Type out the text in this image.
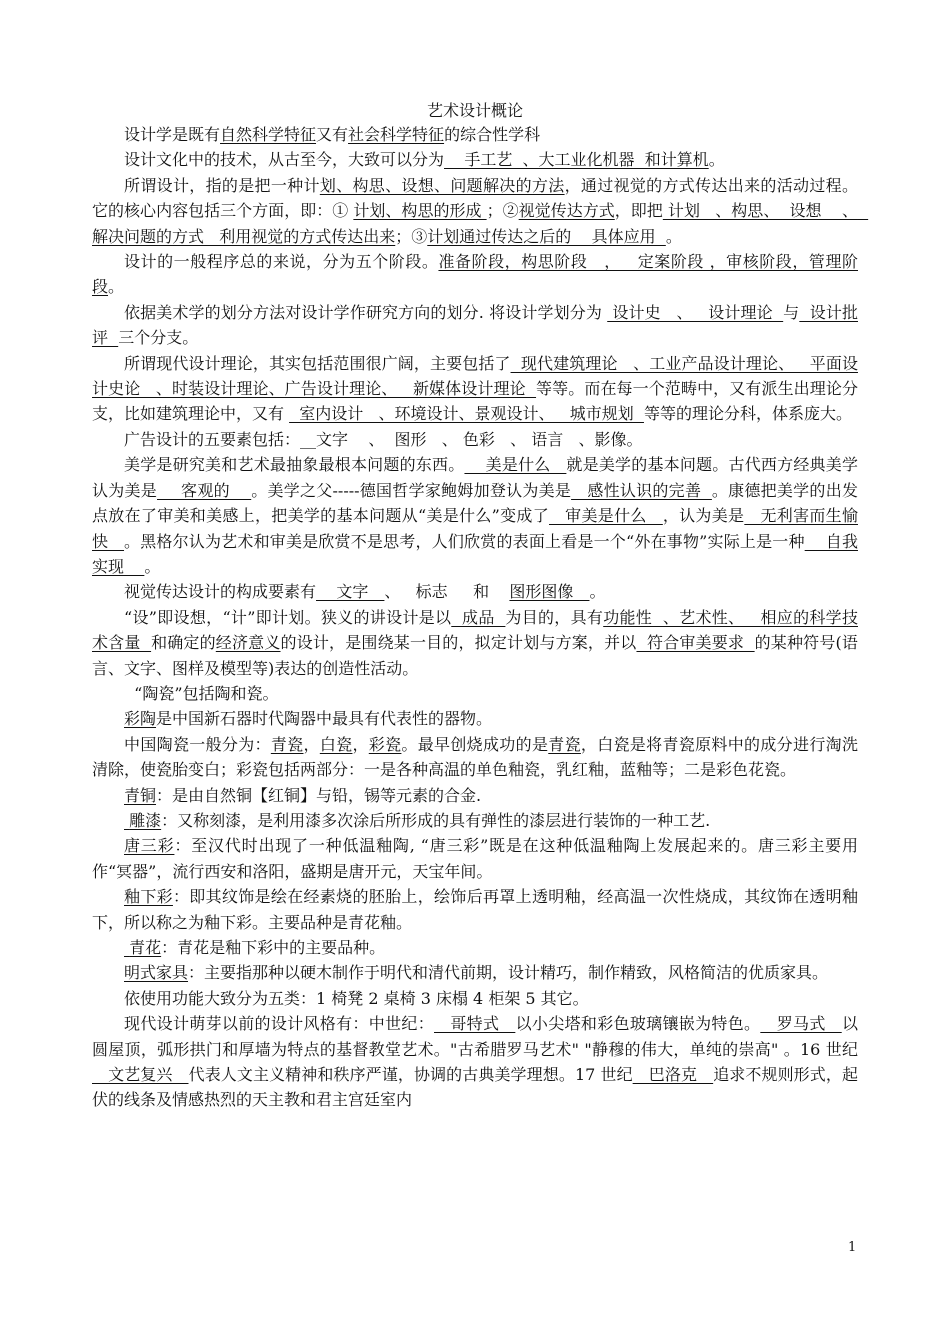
艺术设计概论

设计学是既有自然科学特征又有社会科学特征的综合性学科

设计文化中的技术，从古至今，大致可以分为    手工艺  、大工业化机器  和计算机。

所谓设计，指的是把一种计划、构思、设想、问题解决的方法，通过视觉的方式传达出来的活动过程。它的核心内容包括三个方面，即：① 计划、构思的形成 ；②视觉传达方式，即把 计划   、构思、  设想    、  解决问题的方式   利用视觉的方式传达出来；③计划通过传达之后的    具体应用  。

设计的一般程序总的来说，分为五个阶段。准备阶段，构思阶段   ，   定案阶段 ，审核阶段，管理阶段。

依据美术学的划分方法对设计学作研究方向的划分. 将设计学划分为  设计史   、   设计理论  与  设计批评  三个分支。

所谓现代设计理论，其实包括范围很广阔，主要包括了  现代建筑理论   、工业产品设计理论、   平面设计史论   、时装设计理论、广告设计理论、   新媒体设计理论  等等。而在每一个范畴中，又有派生出理论分支，比如建筑理论中，又有   室内设计   、环境设计、景观设计、   城市规划  等等的理论分科，体系庞大。

广告设计的五要素包括：__文字    、  图形   、 色彩   、 语言   、影像。

美学是研究美和艺术最抽象最根本问题的东西。    美是什么   就是美学的基本问题。古代西方经典美学认为美是_   客观的    。美学之父-----德国哲学家鲍姆加登认为美是__感性认识的完善  。康德把美学的出发点放在了审美和美感上，把美学的基本问题从“美是什么”变成了   审美是什么   ，认为美是   无利害而生愉快   。黑格尔认为艺术和审美是欣赏不是思考，人们欣赏的表面上看是一个“外在事物”实际上是一种    自我实现    。

视觉传达设计的构成要素有    文字__、   标志     和    图形图像__。

“设”即设想，“计”即计划。狭义的讲设计是以  成品  为目的，具有功能性  、艺术性、   相应的科学技术含量  和确定的经济意义的设计，是围绕某一目的，拟定计划与方案，并以  符合审美要求  的某种符号(语言、文字、图样及模型等)表达的创造性活动。

“陶瓷”包括陶和瓷。

彩陶是中国新石器时代陶器中最具有代表性的器物。

中国陶瓷一般分为：青瓷，白瓷，彩瓷。最早创烧成功的是青瓷，白瓷是将青瓷原料中的成分进行淘洗清除，使瓷胎变白；彩瓷包括两部分：一是各种高温的单色釉瓷，乳红釉，蓝釉等；二是彩色花瓷。

青铜：是由自然铜【红铜】与铅，锡等元素的合金.

雕漆：又称刻漆，是利用漆多次涂后所形成的具有弹性的漆层进行装饰的一种工艺.

唐三彩：至汉代时出现了一种低温釉陶, “唐三彩”既是在这种低温釉陶上发展起来的。唐三彩主要用作“冥器”，流行西安和洛阳，盛期是唐开元，天宝年间。

釉下彩：即其纹饰是绘在经素烧的胚胎上，绘饰后再罩上透明釉，经高温一次性烧成，其纹饰在透明釉下，所以称之为釉下彩。主要品种是青花釉。

青花：青花是釉下彩中的主要品种。

明式家具：主要指那种以硬木制作于明代和清代前期，设计精巧，制作精致，风格简洁的优质家具。

依使用功能大致分为五类：1 椅凳 2 桌椅 3 床榻 4 柜架 5 其它。

现代设计萌芽以前的设计风格有：中世纪：__哥特式__以小尖塔和彩色玻璃镶嵌为特色。__罗马式__以圆屋顶，弧形拱门和厚墙为特点的基督教堂艺术。"古希腊罗马艺术" "静穆的伟大，单纯的崇高" 。16 世纪__文艺复兴__代表人文主义精神和秩序严谨，协调的古典美学理想。17 世纪__巴洛克__追求不规则形式，起伏的线条及情感热烈的天主教和君主宫廷室内

1
